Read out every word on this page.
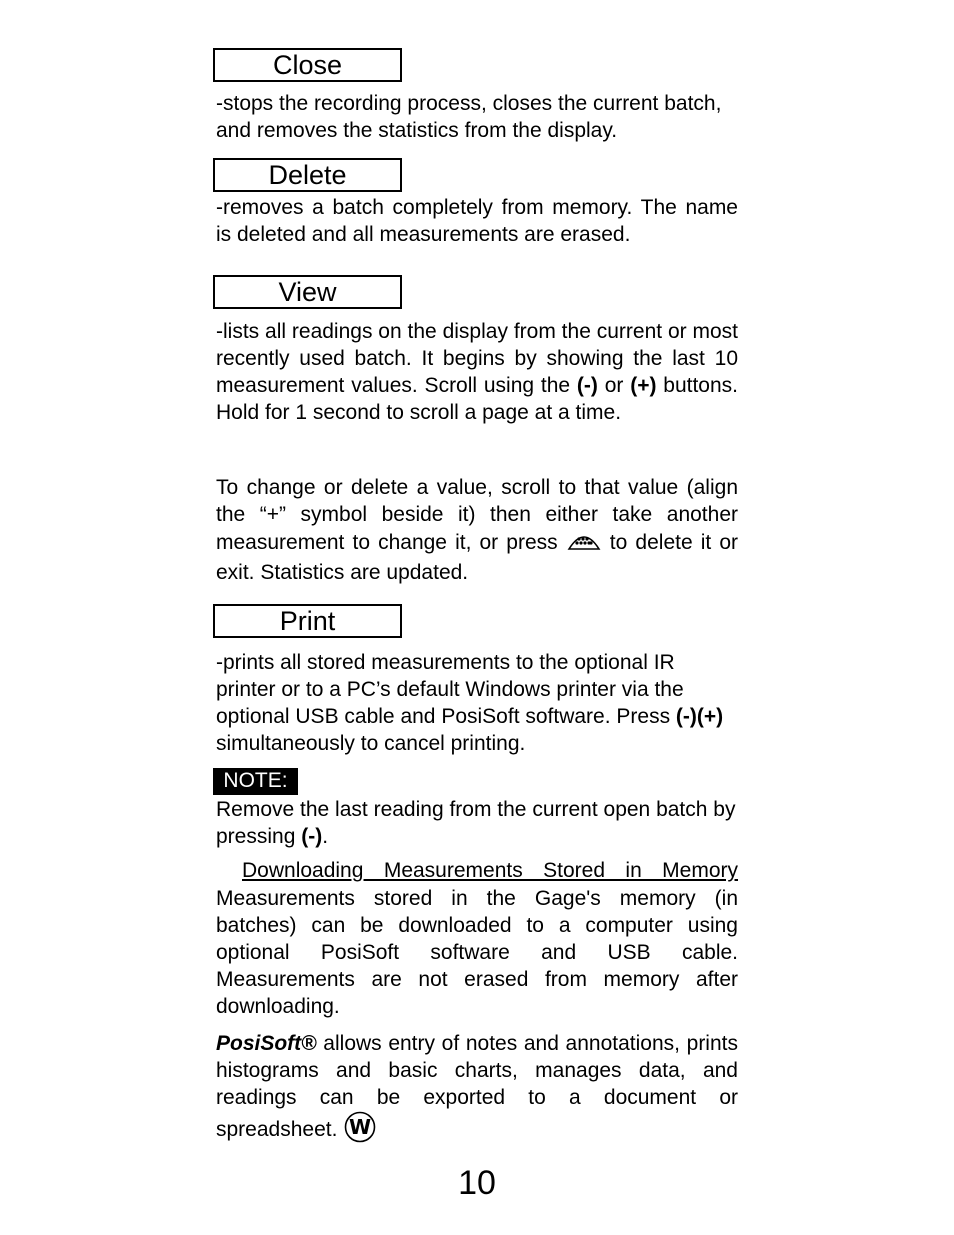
Close
-stops the recording process, closes the current batch, and removes the statistics from the display.
Delete
-removes a batch completely from memory. The name is deleted and all measurements are erased.
View
-lists all readings on the display from the current or most recently used batch. It begins by showing the last 10 measurement values. Scroll using the (-) or (+) buttons. Hold for 1 second to scroll a page at a time.
To change or delete a value, scroll to that value (align the “+” symbol beside it) then either take another measurement to change it, or press  to delete it or exit. Statistics are updated.
Print
-prints all stored measurements to the optional IR printer or to a PC’s default Windows printer via the optional USB cable and PosiSoft software. Press (-)(+) simultaneously to cancel printing.
NOTE:
Remove the last reading from the current open batch by pressing (-).
Downloading Measurements Stored in Memory
Measurements stored in the Gage's memory (in batches) can be downloaded to a computer using optional PosiSoft software and USB cable. Measurements are not erased from memory after downloading.
PosiSoft® allows entry of notes and annotations, prints histograms and basic charts, manages data, and readings can be exported to a document or spreadsheet. W
10
